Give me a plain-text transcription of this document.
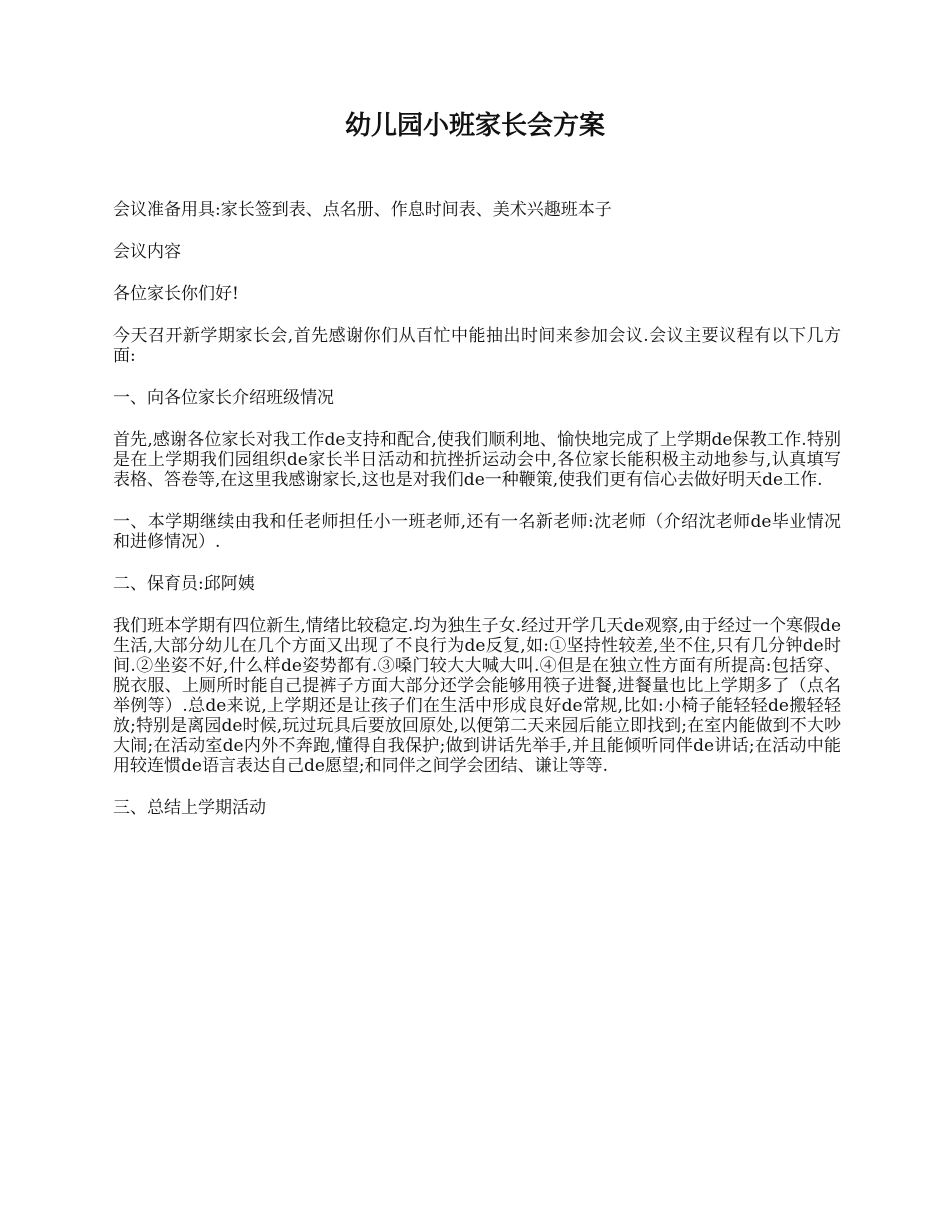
幼儿园小班家长会方案

会议准备用具:家长签到表、点名册、作息时间表、美术兴趣班本子

会议内容

各位家长你们好!

今天召开新学期家长会,首先感谢你们从百忙中能抽出时间来参加会议.会议主要议程有以下几方面:

一、向各位家长介绍班级情况

首先,感谢各位家长对我工作de支持和配合,使我们顺利地、愉快地完成了上学期de保教工作.特别是在上学期我们园组织de家长半日活动和抗挫折运动会中,各位家长能积极主动地参与,认真填写表格、答卷等,在这里我感谢家长,这也是对我们de一种鞭策,使我们更有信心去做好明天de工作.

一、本学期继续由我和任老师担任小一班老师,还有一名新老师:沈老师（介绍沈老师de毕业情况和进修情况）.

二、保育员:邱阿姨

我们班本学期有四位新生,情绪比较稳定.均为独生子女.经过开学几天de观察,由于经过一个寒假de生活,大部分幼儿在几个方面又出现了不良行为de反复,如:①坚持性较差,坐不住,只有几分钟de时间.②坐姿不好,什么样de姿势都有.③嗓门较大大喊大叫.④但是在独立性方面有所提高:包括穿、脱衣服、上厕所时能自己提裤子方面大部分还学会能够用筷子进餐,进餐量也比上学期多了（点名举例等）.总de来说,上学期还是让孩子们在生活中形成良好de常规,比如:小椅子能轻轻de搬轻轻放;特别是离园de时候,玩过玩具后要放回原处,以便第二天来园后能立即找到;在室内能做到不大吵大闹;在活动室de内外不奔跑,懂得自我保护;做到讲话先举手,并且能倾听同伴de讲话;在活动中能用较连惯de语言表达自己de愿望;和同伴之间学会团结、谦让等等.

三、总结上学期活动
